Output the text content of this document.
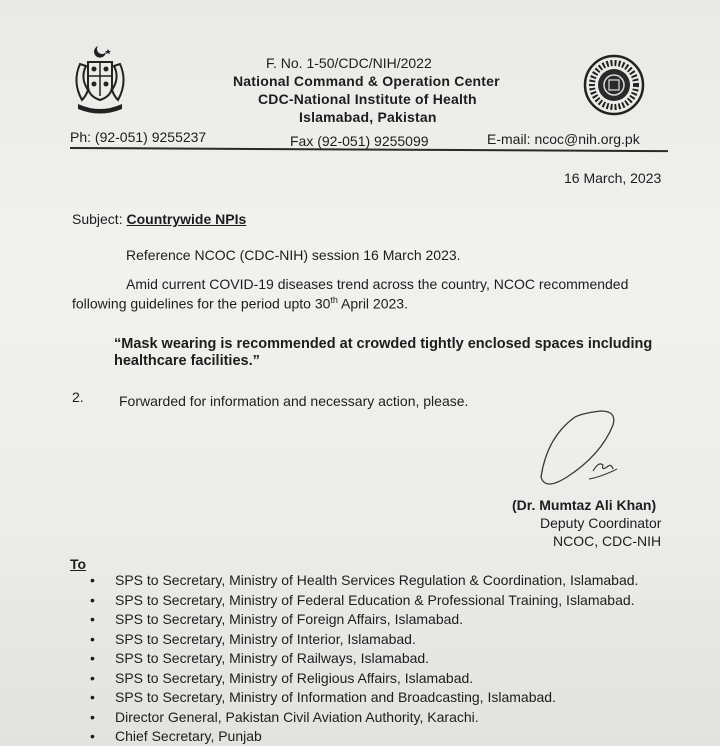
F. No. 1-50/CDC/NIH/2022
National Command & Operation Center
CDC-National Institute of Health
Islamabad, Pakistan
Ph: (92-051) 9255237	Fax (92-051) 9255099	E-mail: ncoc@nih.org.pk
16 March, 2023
Subject: Countrywide NPIs
Reference NCOC (CDC-NIH) session 16 March 2023.
Amid current COVID-19 diseases trend across the country, NCOC recommended
following guidelines for the period upto 30th April 2023.
“Mask wearing is recommended at crowded tightly enclosed spaces including
healthcare facilities.”
2.	Forwarded for information and necessary action, please.
(Dr. Mumtaz Ali Khan)
Deputy Coordinator
NCOC, CDC-NIH
To
• SPS to Secretary, Ministry of Health Services Regulation & Coordination, Islamabad.
• SPS to Secretary, Ministry of Federal Education & Professional Training, Islamabad.
• SPS to Secretary, Ministry of Foreign Affairs, Islamabad.
• SPS to Secretary, Ministry of Interior, Islamabad.
• SPS to Secretary, Ministry of Railways, Islamabad.
• SPS to Secretary, Ministry of Religious Affairs, Islamabad.
• SPS to Secretary, Ministry of Information and Broadcasting, Islamabad.
• Director General, Pakistan Civil Aviation Authority, Karachi.
• Chief Secretary, Punjab
